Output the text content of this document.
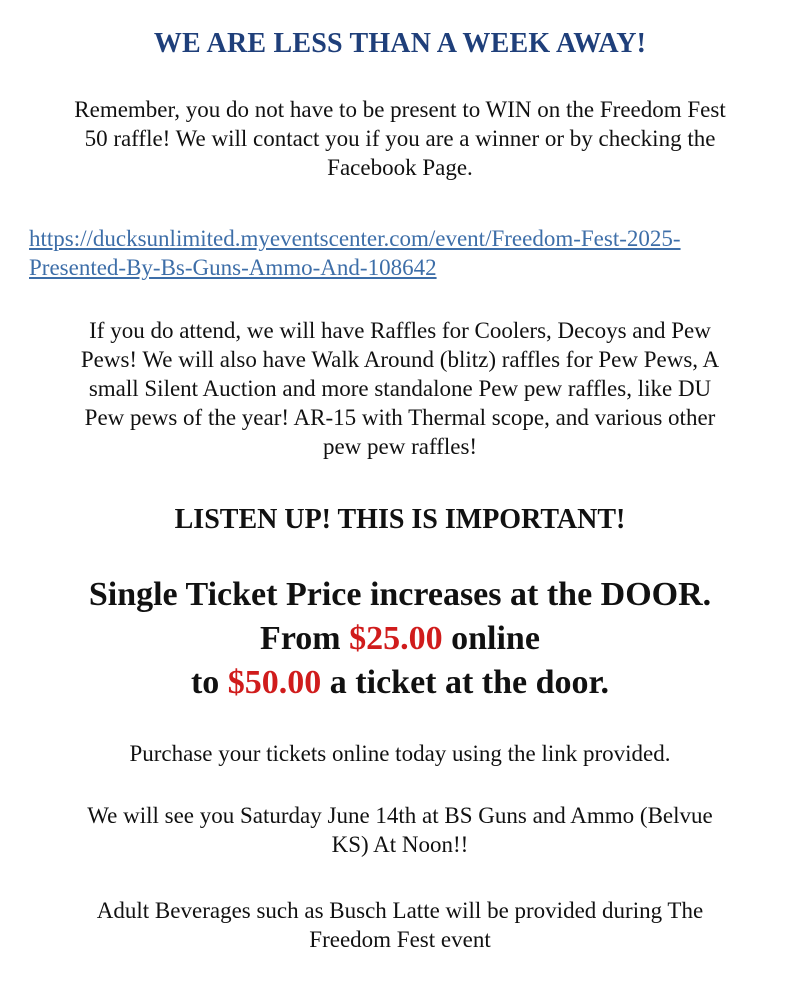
WE ARE LESS THAN A WEEK AWAY!
Remember, you do not have to be present to WIN on the Freedom Fest
50 raffle! We will contact you if you are a winner or by checking the
Facebook Page.
https://ducksunlimited.myeventscenter.com/event/Freedom-Fest-2025-
Presented-By-Bs-Guns-Ammo-And-108642
If you do attend, we will have Raffles for Coolers, Decoys and Pew
Pews! We will also have Walk Around (blitz) raffles for Pew Pews, A
small Silent Auction and more standalone Pew pew raffles, like DU
Pew pews of the year! AR-15 with Thermal scope, and various other
pew pew raffles!
LISTEN UP! THIS IS IMPORTANT!
Single Ticket Price increases at the DOOR.
From $25.00 online
to $50.00 a ticket at the door.
Purchase your tickets online today using the link provided.
We will see you Saturday June 14th at BS Guns and Ammo (Belvue
KS) At Noon!!
Adult Beverages such as Busch Latte will be provided during The
Freedom Fest event
